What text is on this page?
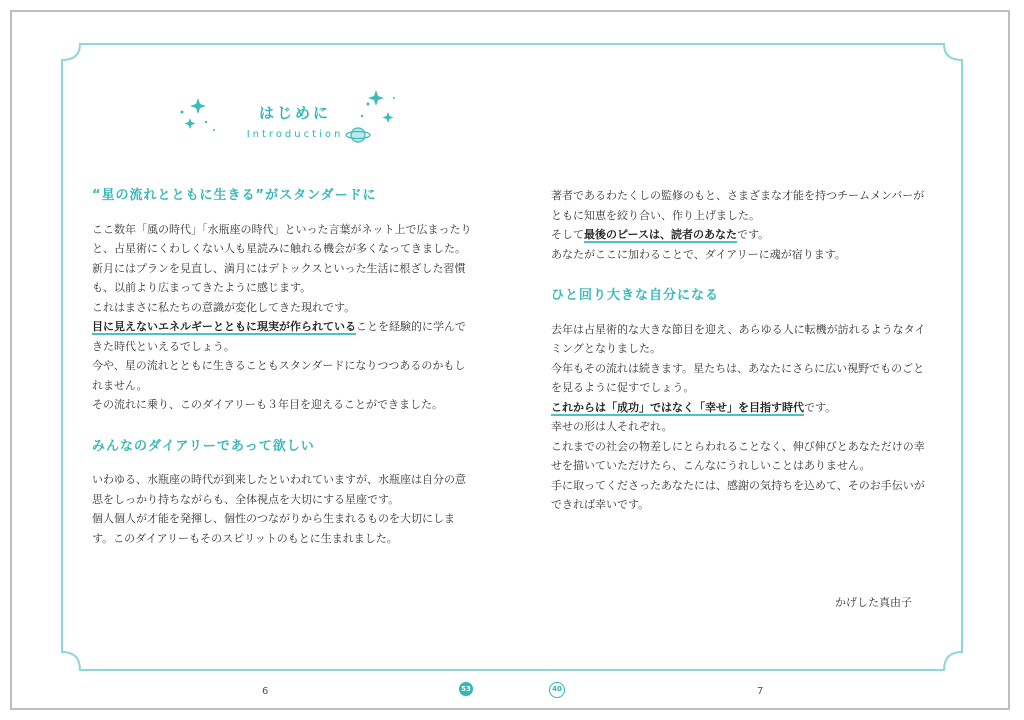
はじめに
Introduction
“星の流れとともに生きる”がスタンダードに

ここ数年「風の時代」「水瓶座の時代」といった言葉がネット上で広まったりと、占星術にくわしくない人も星読みに触れる機会が多くなってきました。

新月にはプランを見直し、満月にはデトックスといった生活に根ざした習慣も、以前より広まってきたように感じます。

これはまさに私たちの意識が変化してきた現れです。

目に見えないエネルギーとともに現実が作られていることを経験的に学んできた時代といえるでしょう。

今や、星の流れとともに生きることもスタンダードになりつつあるのかもしれません。

その流れに乗り、このダイアリーも３年目を迎えることができました。

みんなのダイアリーであって欲しい

いわゆる、水瓶座の時代が到来したといわれていますが、水瓶座は自分の意思をしっかり持ちながらも、全体視点を大切にする星座です。

個人個人が才能を発揮し、個性のつながりから生まれるものを大切にします。このダイアリーもそのスピリットのもとに生まれました。

著者であるわたくしの監修のもと、さまざまな才能を持つチームメンバーがともに知恵を絞り合い、作り上げました。

そして最後のピースは、読者のあなたです。

あなたがここに加わることで、ダイアリーに魂が宿ります。

ひと回り大きな自分になる

去年は占星術的な大きな節目を迎え、あらゆる人に転機が訪れるようなタイミングとなりました。

今年もその流れは続きます。星たちは、あなたにさらに広い視野でものごとを見るように促すでしょう。

これからは「成功」ではなく「幸せ」を目指す時代です。

幸せの形は人それぞれ。

これまでの社会の物差しにとらわれることなく、伸び伸びとあなただけの幸せを描いていただけたら、こんなにうれしいことはありません。

手に取ってくださったあなたには、感謝の気持ちを込めて、そのお手伝いができれば幸いです。

かげした真由子
6	53	40	7
